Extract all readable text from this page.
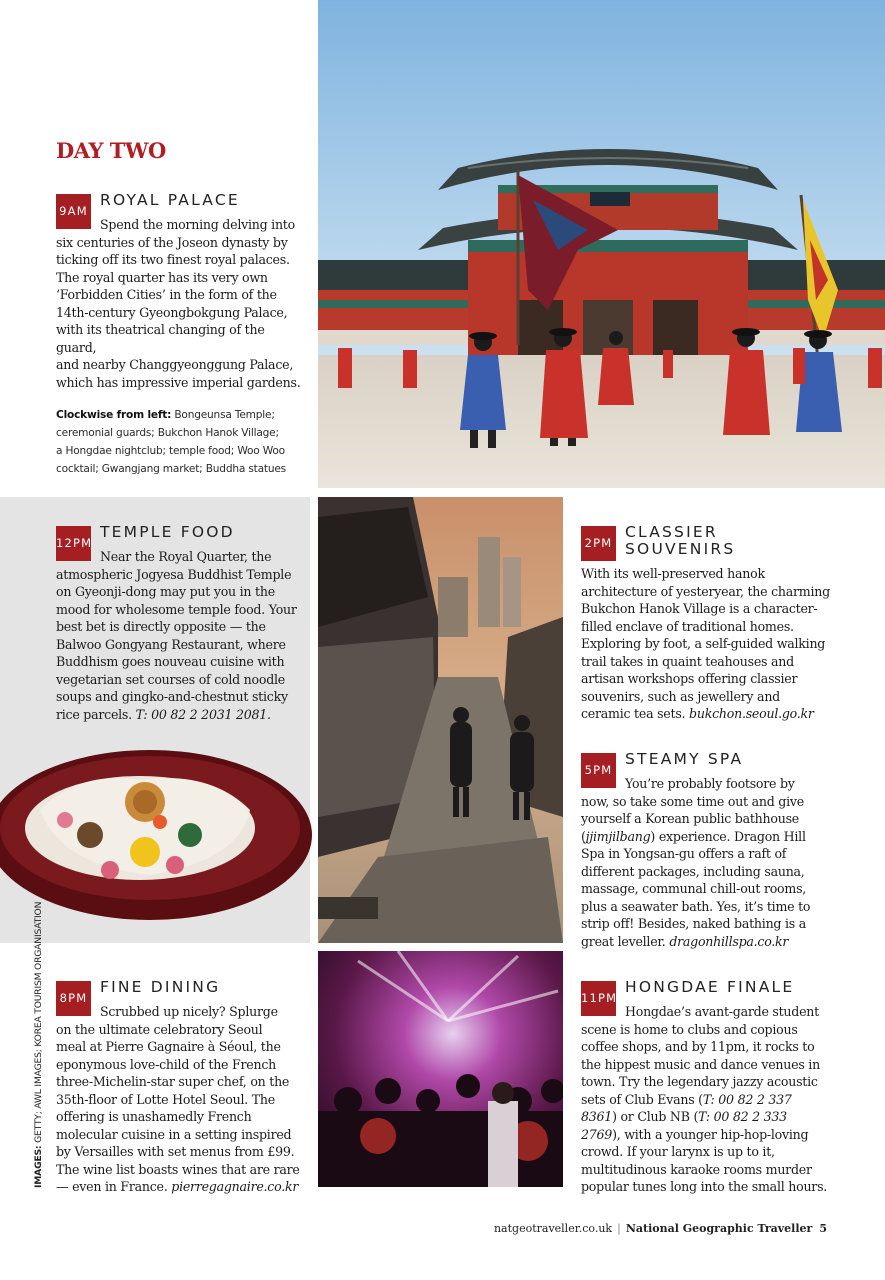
DAY TWO
9AM
ROYAL PALACE
Spend the morning delving into
six centuries of the Joseon dynasty by
ticking off its two finest royal palaces.
The royal quarter has its very own
‘Forbidden Cities’ in the form of the
14th-century Gyeongbokgung Palace,
with its theatrical changing of the guard,
and nearby Changgyeonggung Palace,
which has impressive imperial gardens.
Clockwise from left: Bongeunsa Temple;
ceremonial guards; Bukchon Hanok Village;
a Hongdae nightclub; temple food; Woo Woo
cocktail; Gwangjang market; Buddha statues
12PM
TEMPLE FOOD
Near the Royal Quarter, the
atmospheric Jogyesa Buddhist Temple
on Gyeonji-dong may put you in the
mood for wholesome temple food. Your
best bet is directly opposite — the
Balwoo Gongyang Restaurant, where
Buddhism goes nouveau cuisine with
vegetarian set courses of cold noodle
soups and gingko-and-chestnut sticky
rice parcels. T: 00 82 2 2031 2081.
2PM
CLASSIER
SOUVENIRS
With its well-preserved hanok
architecture of yesteryear, the charming
Bukchon Hanok Village is a character-
filled enclave of traditional homes.
Exploring by foot, a self-guided walking
trail takes in quaint teahouses and
artisan workshops offering classier
souvenirs, such as jewellery and
ceramic tea sets. bukchon.seoul.go.kr
5PM
STEAMY SPA
You’re probably footsore by
now, so take some time out and give
yourself a Korean public bathhouse
(jjimjilbang) experience. Dragon Hill
Spa in Yongsan-gu offers a raft of
different packages, including sauna,
massage, communal chill-out rooms,
plus a seawater bath. Yes, it’s time to
strip off! Besides, naked bathing is a
great leveller. dragonhillspa.co.kr
8PM
FINE DINING
Scrubbed up nicely? Splurge
on the ultimate celebratory Seoul
meal at Pierre Gagnaire à Séoul, the
eponymous love-child of the French
three-Michelin-star super chef, on the
35th-floor of Lotte Hotel Seoul. The
offering is unashamedly French
molecular cuisine in a setting inspired
by Versailles with set menus from £99.
The wine list boasts wines that are rare
— even in France. pierregagnaire.co.kr
11PM
HONGDAE FINALE
Hongdae’s avant-garde student
scene is home to clubs and copious
coffee shops, and by 11pm, it rocks to
the hippest music and dance venues in
town. Try the legendary jazzy acoustic
sets of Club Evans (T: 00 82 2 337
8361) or Club NB (T: 00 82 2 333
2769), with a younger hip-hop-loving
crowd. If your larynx is up to it,
multitudinous karaoke rooms murder
popular tunes long into the small hours.
IMAGES: GETTY; AWL IMAGES; KOREA TOURISM ORGANISATION
natgeotraveller.co.uk | National Geographic Traveller 5
